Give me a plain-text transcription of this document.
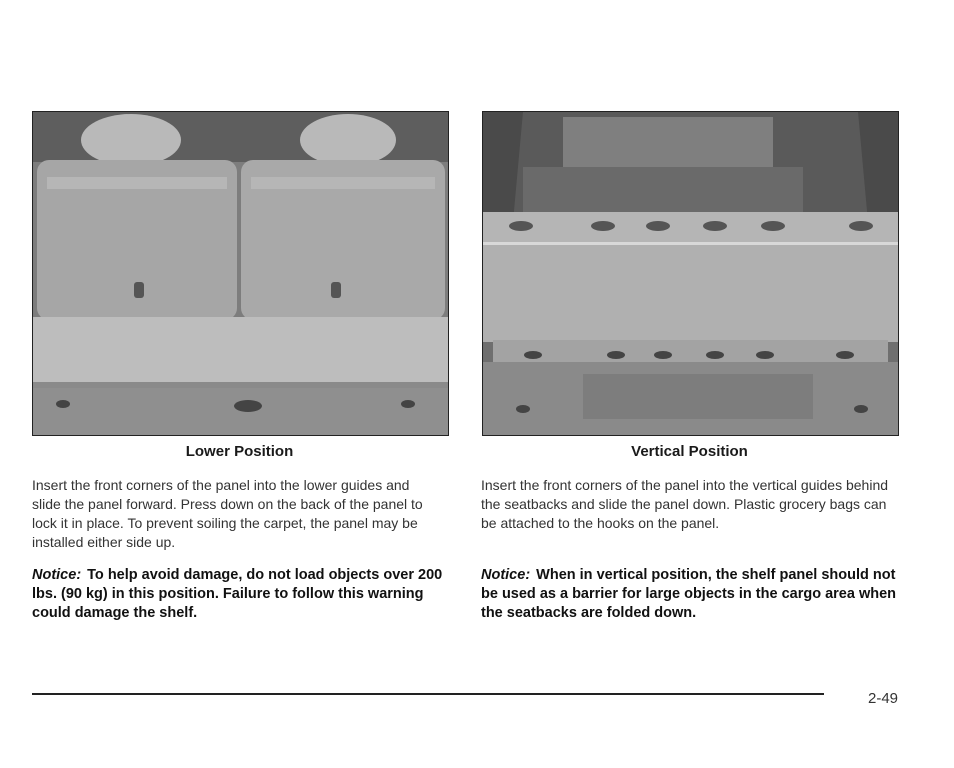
Lower Position	Vertical Position
Insert the front corners of the panel into the lower guides and slide the panel forward. Press down on the back of the panel to lock it in place. To prevent soiling the carpet, the panel may be installed either side up.
Insert the front corners of the panel into the vertical guides behind the seatbacks and slide the panel down. Plastic grocery bags can be attached to the hooks on the panel.
Notice: To help avoid damage, do not load objects over 200 lbs. (90 kg) in this position. Failure to follow this warning could damage the shelf.
Notice: When in vertical position, the shelf panel should not be used as a barrier for large objects in the cargo area when the seatbacks are folded down.
2-49
